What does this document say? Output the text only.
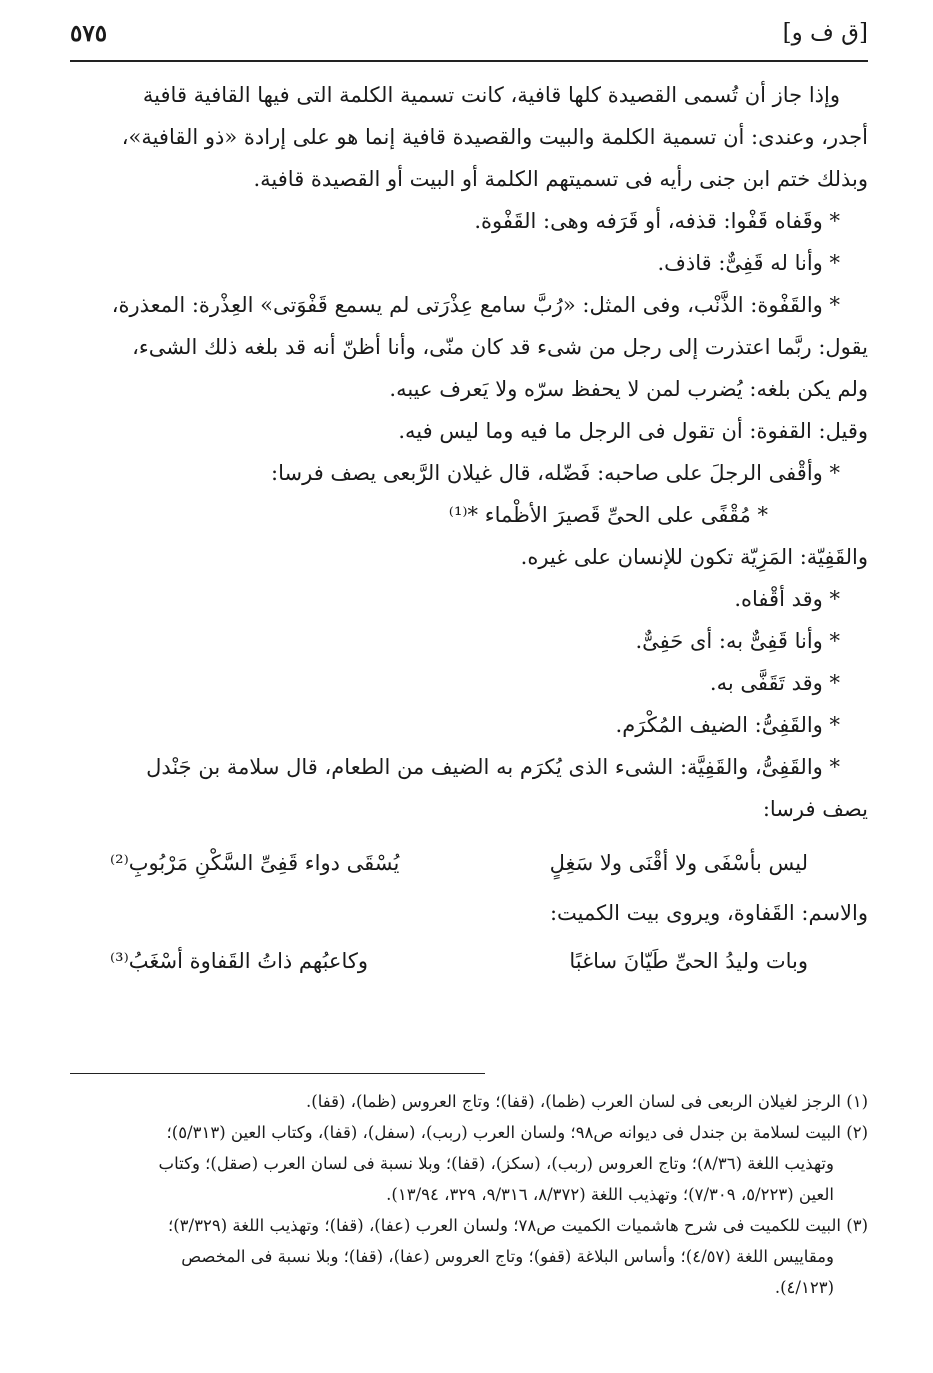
[ق ف و]
٥٧٥
وإذا جاز أن تُسمى القصيدة كلها قافية، كانت تسمية الكلمة التى فيها القافية قافية
أجدر، وعندى: أن تسمية الكلمة والبيت والقصيدة قافية إنما هو على إرادة «ذو القافية»،
وبذلك ختم ابن جنى رأيه فى تسميتهم الكلمة أو البيت أو القصيدة قافية.
* وقَفاه قَفْوا: قذفه، أو قَرَفه وهى: القَفْوة.
* وأنا له قَفِىٌّ: قاذف.
* والقَفْوة: الذَّنْب، وفى المثل: «رُبَّ سامع عِذْرَتى لم يسمع قَفْوَتى» العِذْرة: المعذرة،
يقول: ربَّما اعتذرت إلى رجل من شىء قد كان منّى، وأنا أظنّ أنه قد بلغه ذلك الشىء،
ولم يكن بلغه: يُضرب لمن لا يحفظ سرّه ولا يَعرف عيبه.
وقيل: القفوة: أن تقول فى الرجل ما فيه وما ليس فيه.
* وأقْفى الرجلَ على صاحبه: فَضّله، قال غيلان الرَّبعى يصف فرسا:
* مُقْفًى على الحىِّ قَصيرَ الأظْماء *⁽¹⁾
والقَفِيّة: المَزِيّة تكون للإنسان على غيره.
* وقد أقْفاه.
* وأنا قَفِىٌّ به: أى حَفِىٌّ.
* وقد تَقَفَّى به.
* والقَفِىُّ: الضيف المُكْرَم.
* والقَفِىُّ، والقَفِيَّة: الشىء الذى يُكرَم به الضيف من الطعام، قال سلامة بن جَنْدل
يصف فرسا:
ليس بأسْفَى ولا أقْنَى ولا سَغِلٍ
يُسْقَى دواء قَفِىِّ السَّكْنِ مَرْبُوبِ⁽²⁾
والاسم: القَفاوة، ويروى بيت الكميت:
وبات وليدُ الحىِّ طَيّانَ ساغبًا
وكاعبُهم ذاتُ القَفاوة أسْغَبُ⁽³⁾
(١) الرجز لغيلان الربعى فى لسان العرب (ظما)، (قفا)؛ وتاج العروس (ظما)، (قفا).
(٢) البيت لسلامة بن جندل فى ديوانه ص٩٨؛ ولسان العرب (ربب)، (سفل)، (قفا)، وكتاب العين (٥/٣١٣)؛
وتهذيب اللغة (٨/٣٦)؛ وتاج العروس (ربب)، (سكز)، (قفا)؛ وبلا نسبة فى لسان العرب (صقل)؛ وكتاب
العين (٥/٢٢٣، ٧/٣٠٩)؛ وتهذيب اللغة (٨/٣٧٢، ٩/٣١٦، ٣٢٩، ١٣/٩٤).
(٣) البيت للكميت فى شرح هاشميات الكميت ص٧٨؛ ولسان العرب (عفا)، (قفا)؛ وتهذيب اللغة (٣/٣٢٩)؛
ومقاييس اللغة (٤/٥٧)؛ وأساس البلاغة (قفو)؛ وتاج العروس (عفا)، (قفا)؛ وبلا نسبة فى المخصص
(٤/١٢٣).
